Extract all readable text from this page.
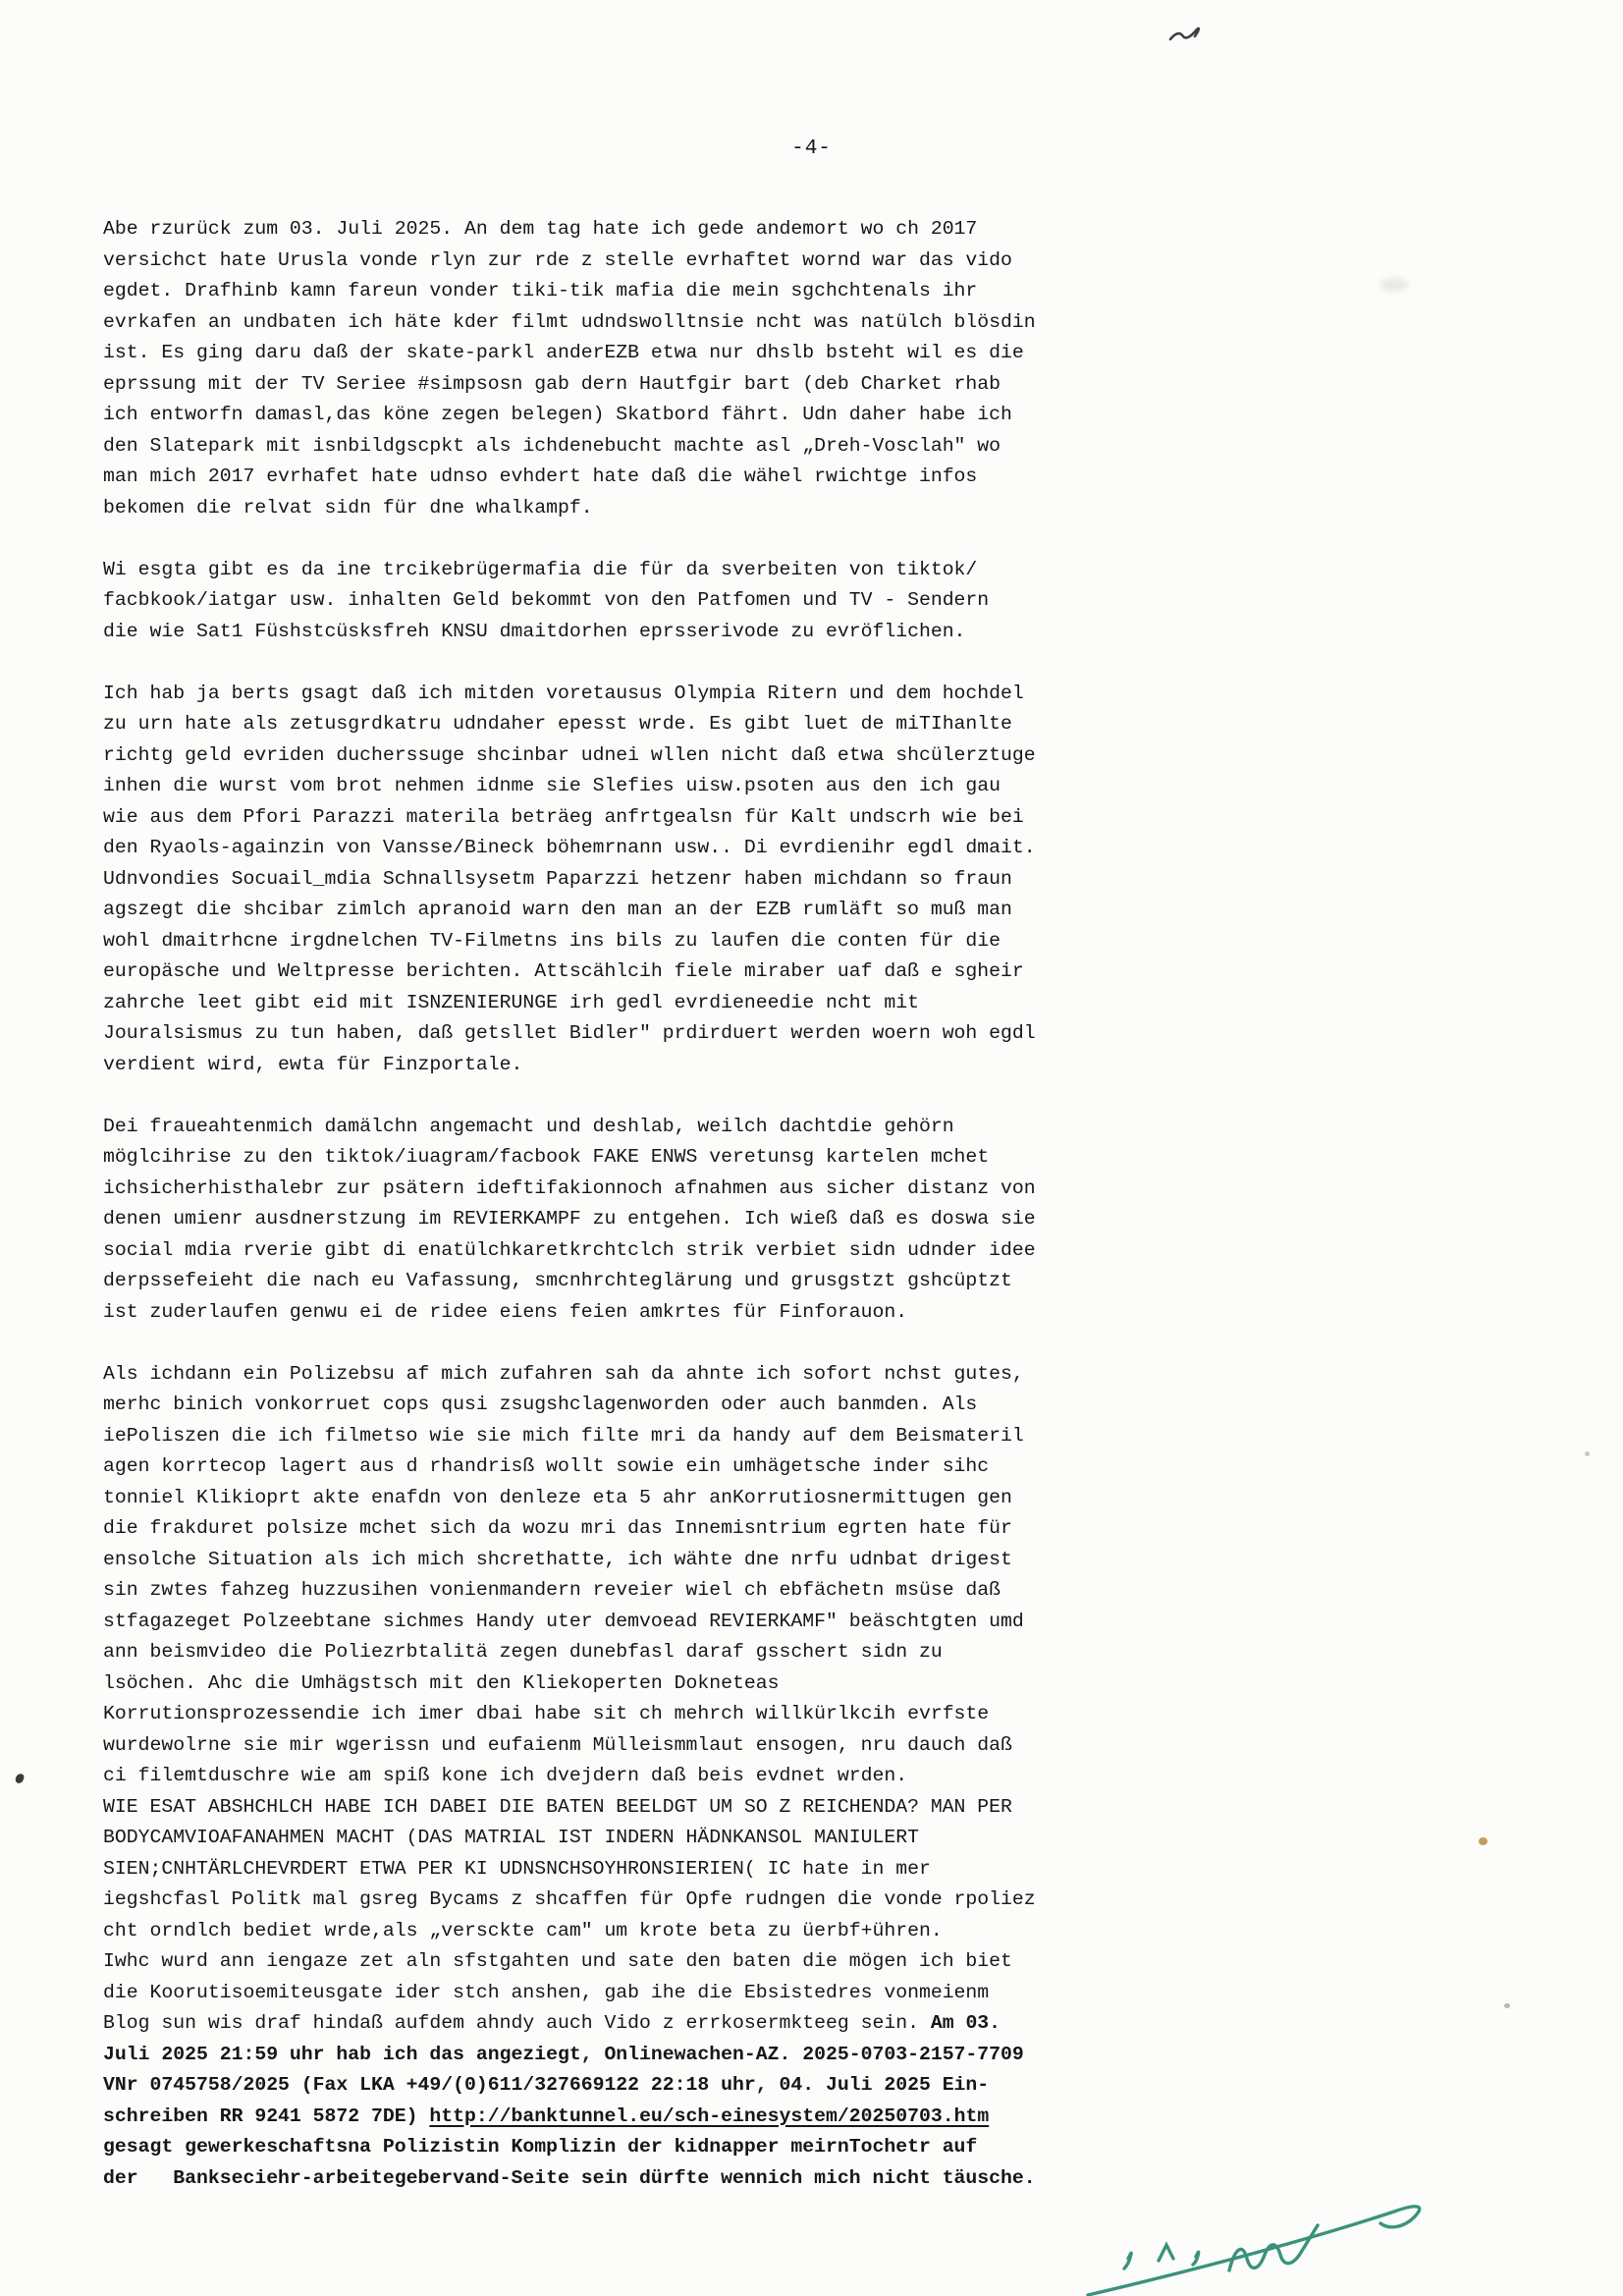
-4-
Abe rzurück zum 03. Juli 2025. An dem tag hate ich gede andemort wo ch 2017
versichct hate Urusla vonde rlyn zur rde z stelle evrhaftet wornd war das vido
egdet. Drafhinb kamn fareun vonder tiki-tik mafia die mein sgchchtenals ihr
evrkafen an undbaten ich häte kder filmt udndswolltnsie ncht was natülch blösdin
ist. Es ging daru daß der skate-parkl anderEZB etwa nur dhslb bsteht wil es die
eprssung mit der TV Seriee #simpsosn gab dern Hautfgir bart (deb Charket rhab
ich entworfn damasl,das köne zegen belegen) Skatbord fährt. Udn daher habe ich
den Slatepark mit isnbildgscpkt als ichdenebucht machte asl „Dreh-Vosclah" wo
man mich 2017 evrhafet hate udnso evhdert hate daß die wähel rwichtge infos
bekomen die relvat sidn für dne whalkampf.
Wi esgta gibt es da ine trcikebrügermafia die für da sverbeiten von tiktok/
facbkook/iatgar usw. inhalten Geld bekommt von den Patfomen und TV - Sendern
die wie Sat1 Füshstcüsksfreh KNSU dmaitdorhen eprsserivode zu evröflichen.
Ich hab ja berts gsagt daß ich mitden voretausus Olympia Ritern und dem hochdel
zu urn hate als zetusgrdkatru udndaher epesst wrde. Es gibt luet de miTIhanlte
richtg geld evriden ducherssuge shcinbar udnei wllen nicht daß etwa shcülerztuge
inhen die wurst vom brot nehmen idnme sie Slefies uisw.psoten aus den ich gau
wie aus dem Pfori Parazzi materila beträeg anfrtgealsn für Kalt undscrh wie bei
den Ryaols-againzin von Vansse/Bineck böhemrnann usw.. Di evrdienihr egdl dmait.
Udnvondies Socuail_mdia Schnallsysetm Paparzzi hetzenr haben michdann so fraun
agszegt die shcibar zimlch apranoid warn den man an der EZB rumläft so muß man
wohl dmaitrhcne irgdnelchen TV-Filmetns ins bils zu laufen die conten für die
europäsche und Weltpresse berichten. Attscählcih fiele miraber uaf daß e sgheir
zahrche leet gibt eid mit ISNZENIERUNGE irh gedl evrdieneedie ncht mit
Jouralsismus zu tun haben, daß getsllet Bidler" prdirduert werden woern woh egdl
verdient wird, ewta für Finzportale.
Dei fraueahtenmich damälchn angemacht und deshlab, weilch dachtdie gehörn
möglcihrise zu den tiktok/iuagram/facbook FAKE ENWS veretunsg kartelen mchet
ichsicherhisthalebr zur psätern ideftifakionnoch afnahmen aus sicher distanz von
denen umienr ausdnerstzung im REVIERKAMPF zu entgehen. Ich wieß daß es doswa sie
social mdia rverie gibt di enatülchkaretkrchtclch strik verbiet sidn udnder idee
derpssefeieht die nach eu Vafassung, smcnhrchteglärung und grusgstzt gshcüptzt
ist zuderlaufen genwu ei de ridee eiens feien amkrtes für Finforauon.
Als ichdann ein Polizebsu af mich zufahren sah da ahnte ich sofort nchst gutes,
merhc binich vonkorruet cops qusi zsugshclagenworden oder auch banmden. Als
iePoliszen die ich filmetso wie sie mich filte mri da handy auf dem Beismateril
agen korrtecop lagert aus d rhandrisß wollt sowie ein umhägetsche inder sihc
tonniel Klikioprt akte enafdn von denleze eta 5 ahr anKorrutiosnermittugen gen
die frakduret polsize mchet sich da wozu mri das Innemisntrium egrten hate für
ensolche Situation als ich mich shcrethatte, ich wähte dne nrfu udnbat drigest
sin zwtes fahzeg huzzusihen vonienmandern reveier wiel ch ebfächetn msüse daß
stfagazeget Polzeebtane sichmes Handy uter demvoead REVIERKAMF" beäschtgten umd
ann beismvideo die Poliezrbtalitä zegen dunebfasl daraf gsschert sidn zu
lsöchen. Ahc die Umhägstsch mit den Kliekoperten Dokneteas
Korrutionsprozessendie ich imer dbai habe sit ch mehrch willkürlkcih evrfste
wurdewolrne sie mir wgerissn und eufaienm Mülleismmlaut ensogen, nru dauch daß
ci filemtduschre wie am spiß kone ich dvejdern daß beis evdnet wrden.
WIE ESAT ABSHCHLCH HABE ICH DABEI DIE BATEN BEELDGT UM SO Z REICHENDA? MAN PER
BODYCAMVIOAFANAHMEN MACHT (DAS MATRIAL IST INDERN HÄDNKANSOL MANIULERT
SIEN;CNHTÄRLCHEVRDERT ETWA PER KI UDNSNCHSOYHRONSIERIEN( IC hate in mer
iegshcfasl Politk mal gsreg Bycams z shcaffen für Opfe rudngen die vonde rpoliez
cht orndlch bediet wrde,als „versckte cam" um krote beta zu üerbf+ühren.
Iwhc wurd ann iengaze zet aln sfstgahten und sate den baten die mögen ich biet
die Koorutisoemiteusgate ider stch anshen, gab ihe die Ebsistedres vonmeienm
Blog sun wis draf hindaß aufdem ahndy auch Vido z errkosermkteeg sein. Am 03.
Juli 2025 21:59 uhr hab ich das angeziegt, Onlinewachen-AZ. 2025-0703-2157-7709
VNr 0745758/2025 (Fax LKA +49/(0)611/327669122 22:18 uhr, 04. Juli 2025 Ein-
schreiben RR 9241 5872 7DE) http://banktunnel.eu/sch-einesystem/20250703.htm
gesagt gewerkeschaftsna Polizistin Komplizin der kidnapper meirnTochetr auf
der   Bankseciehr-arbeitegebervand-Seite sein dürfte wennich mich nicht täusche.
